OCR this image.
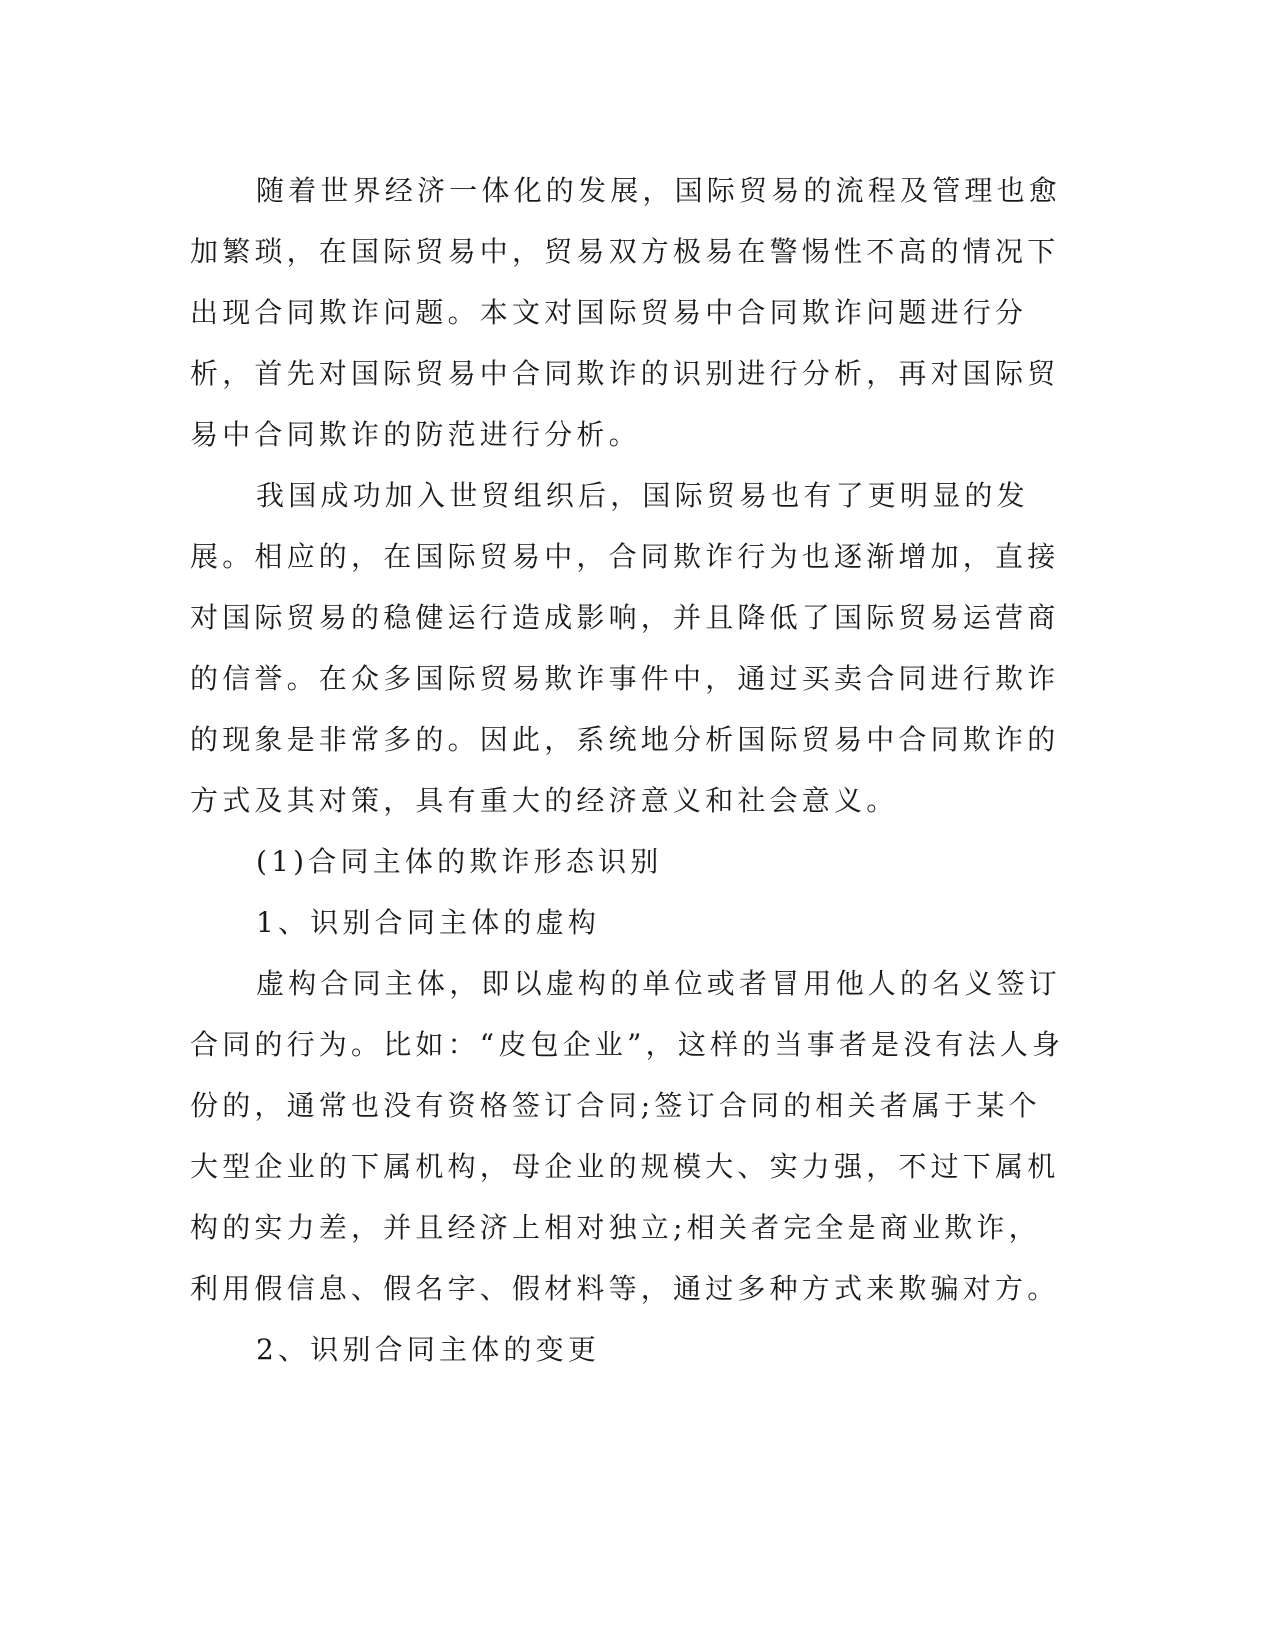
随着世界经济一体化的发展，国际贸易的流程及管理也愈加繁琐，在国际贸易中，贸易双方极易在警惕性不高的情况下出现合同欺诈问题。本文对国际贸易中合同欺诈问题进行分析，首先对国际贸易中合同欺诈的识别进行分析，再对国际贸易中合同欺诈的防范进行分析。

我国成功加入世贸组织后，国际贸易也有了更明显的发展。相应的，在国际贸易中，合同欺诈行为也逐渐增加，直接对国际贸易的稳健运行造成影响，并且降低了国际贸易运营商的信誉。在众多国际贸易欺诈事件中，通过买卖合同进行欺诈的现象是非常多的。因此，系统地分析国际贸易中合同欺诈的方式及其对策，具有重大的经济意义和社会意义。

(1)合同主体的欺诈形态识别

1、识别合同主体的虚构

虚构合同主体，即以虚构的单位或者冒用他人的名义签订合同的行为。比如：“皮包企业”，这样的当事者是没有法人身份的，通常也没有资格签订合同;签订合同的相关者属于某个大型企业的下属机构，母企业的规模大、实力强，不过下属机构的实力差，并且经济上相对独立;相关者完全是商业欺诈，利用假信息、假名字、假材料等，通过多种方式来欺骗对方。

2、识别合同主体的变更
